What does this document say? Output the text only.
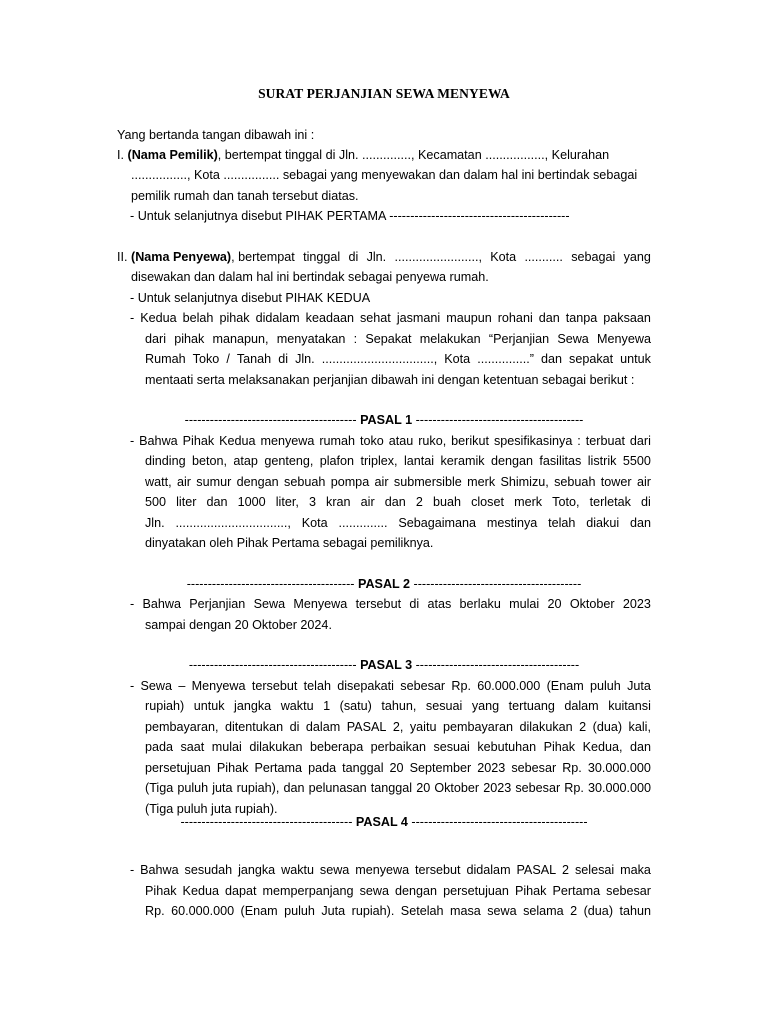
SURAT PERJANJIAN SEWA MENYEWA
Yang bertanda tangan dibawah ini :
I. (Nama Pemilik), bertempat tinggal di Jln. .............., Kecamatan ................., Kelurahan
................, Kota ................ sebagai yang menyewakan dan dalam hal ini bertindak sebagai
pemilik rumah dan tanah tersebut diatas.
- Untuk selanjutnya disebut PIHAK PERTAMA -------------------------------------------
II. (Nama Penyewa), bertempat tinggal di Jln. ........................, Kota ........... sebagai yang
disewakan dan dalam hal ini bertindak sebagai penyewa rumah.
- Untuk selanjutnya disebut PIHAK KEDUA
- Kedua belah pihak didalam keadaan sehat jasmani maupun rohani dan tanpa paksaan
dari pihak manapun, menyatakan : Sepakat melakukan “Perjanjian Sewa Menyewa
Rumah Toko / Tanah di Jln. ................................, Kota ...............” dan sepakat untuk
mentaati serta melaksanakan perjanjian dibawah ini dengan ketentuan sebagai berikut :
----------------------------------------- PASAL 1 ----------------------------------------
- Bahwa Pihak Kedua menyewa rumah toko atau ruko, berikut spesifikasinya : terbuat dari
dinding beton, atap genteng, plafon triplex, lantai keramik dengan fasilitas listrik 5500
watt, air sumur dengan sebuah pompa air submersible merk Shimizu, sebuah tower air
500 liter dan 1000 liter, 3 kran air dan 2 buah closet merk Toto, terletak di
Jln. ................................, Kota .............. Sebagaimana mestinya telah diakui dan
dinyatakan oleh Pihak Pertama sebagai pemiliknya.
---------------------------------------- PASAL 2 ----------------------------------------
- Bahwa Perjanjian Sewa Menyewa tersebut di atas berlaku mulai 20 Oktober 2023
sampai dengan 20 Oktober 2024.
---------------------------------------- PASAL 3 ---------------------------------------
- Sewa – Menyewa tersebut telah disepakati sebesar Rp. 60.000.000 (Enam puluh Juta
rupiah) untuk jangka waktu 1 (satu) tahun, sesuai yang tertuang dalam kuitansi
pembayaran, ditentukan di dalam PASAL 2, yaitu pembayaran dilakukan 2 (dua) kali,
pada saat mulai dilakukan beberapa perbaikan sesuai kebutuhan Pihak Kedua, dan
persetujuan Pihak Pertama pada tanggal 20 September 2023 sebesar Rp. 30.000.000
(Tiga puluh juta rupiah), dan pelunasan tanggal 20 Oktober 2023 sebesar Rp. 30.000.000
(Tiga puluh juta rupiah).
----------------------------------------- PASAL 4 ------------------------------------------
- Bahwa sesudah jangka waktu sewa menyewa tersebut didalam PASAL 2 selesai maka
Pihak Kedua dapat memperpanjang sewa dengan persetujuan Pihak Pertama sebesar
Rp. 60.000.000 (Enam puluh Juta rupiah). Setelah masa sewa selama 2 (dua) tahun
